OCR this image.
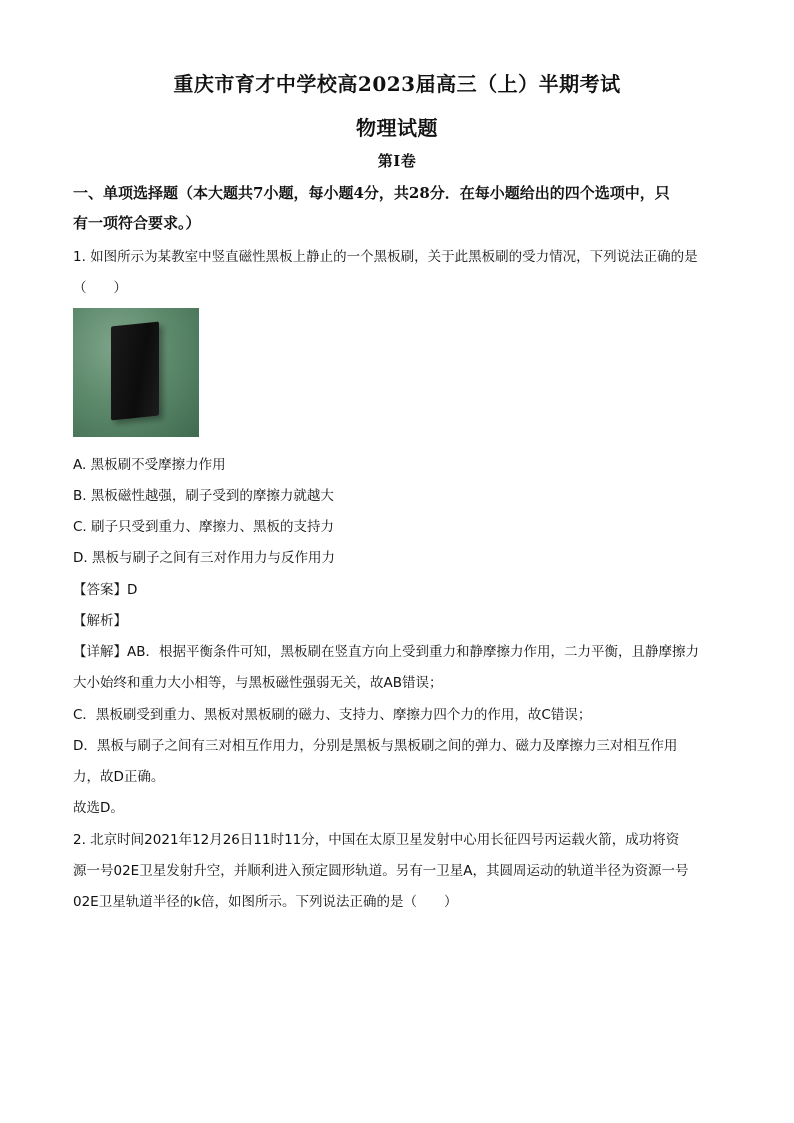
重庆市育才中学校高2023届高三（上）半期考试
物理试题
第I卷
一、单项选择题（本大题共7小题，每小题4分，共28分．在每小题给出的四个选项中，只
有一项符合要求。）
1. 如图所示为某教室中竖直磁性黑板上静止的一个黑板刷，关于此黑板刷的受力情况，下列说法正确的是
（　　）
A. 黑板刷不受摩擦力作用
B. 黑板磁性越强，刷子受到的摩擦力就越大
C. 刷子只受到重力、摩擦力、黑板的支持力
D. 黑板与刷子之间有三对作用力与反作用力
【答案】D
【解析】
【详解】AB．根据平衡条件可知，黑板刷在竖直方向上受到重力和静摩擦力作用，二力平衡，且静摩擦力
大小始终和重力大小相等，与黑板磁性强弱无关，故AB错误；
C．黑板刷受到重力、黑板对黑板刷的磁力、支持力、摩擦力四个力的作用，故C错误；
D．黑板与刷子之间有三对相互作用力，分别是黑板与黑板刷之间的弹力、磁力及摩擦力三对相互作用
力，故D正确。
故选D。
2. 北京时间2021年12月26日11时11分，中国在太原卫星发射中心用长征四号丙运载火箭，成功将资
源一号02E卫星发射升空，并顺利进入预定圆形轨道。另有一卫星A，其圆周运动的轨道半径为资源一号
02E卫星轨道半径的k倍，如图所示。下列说法正确的是（　　）
